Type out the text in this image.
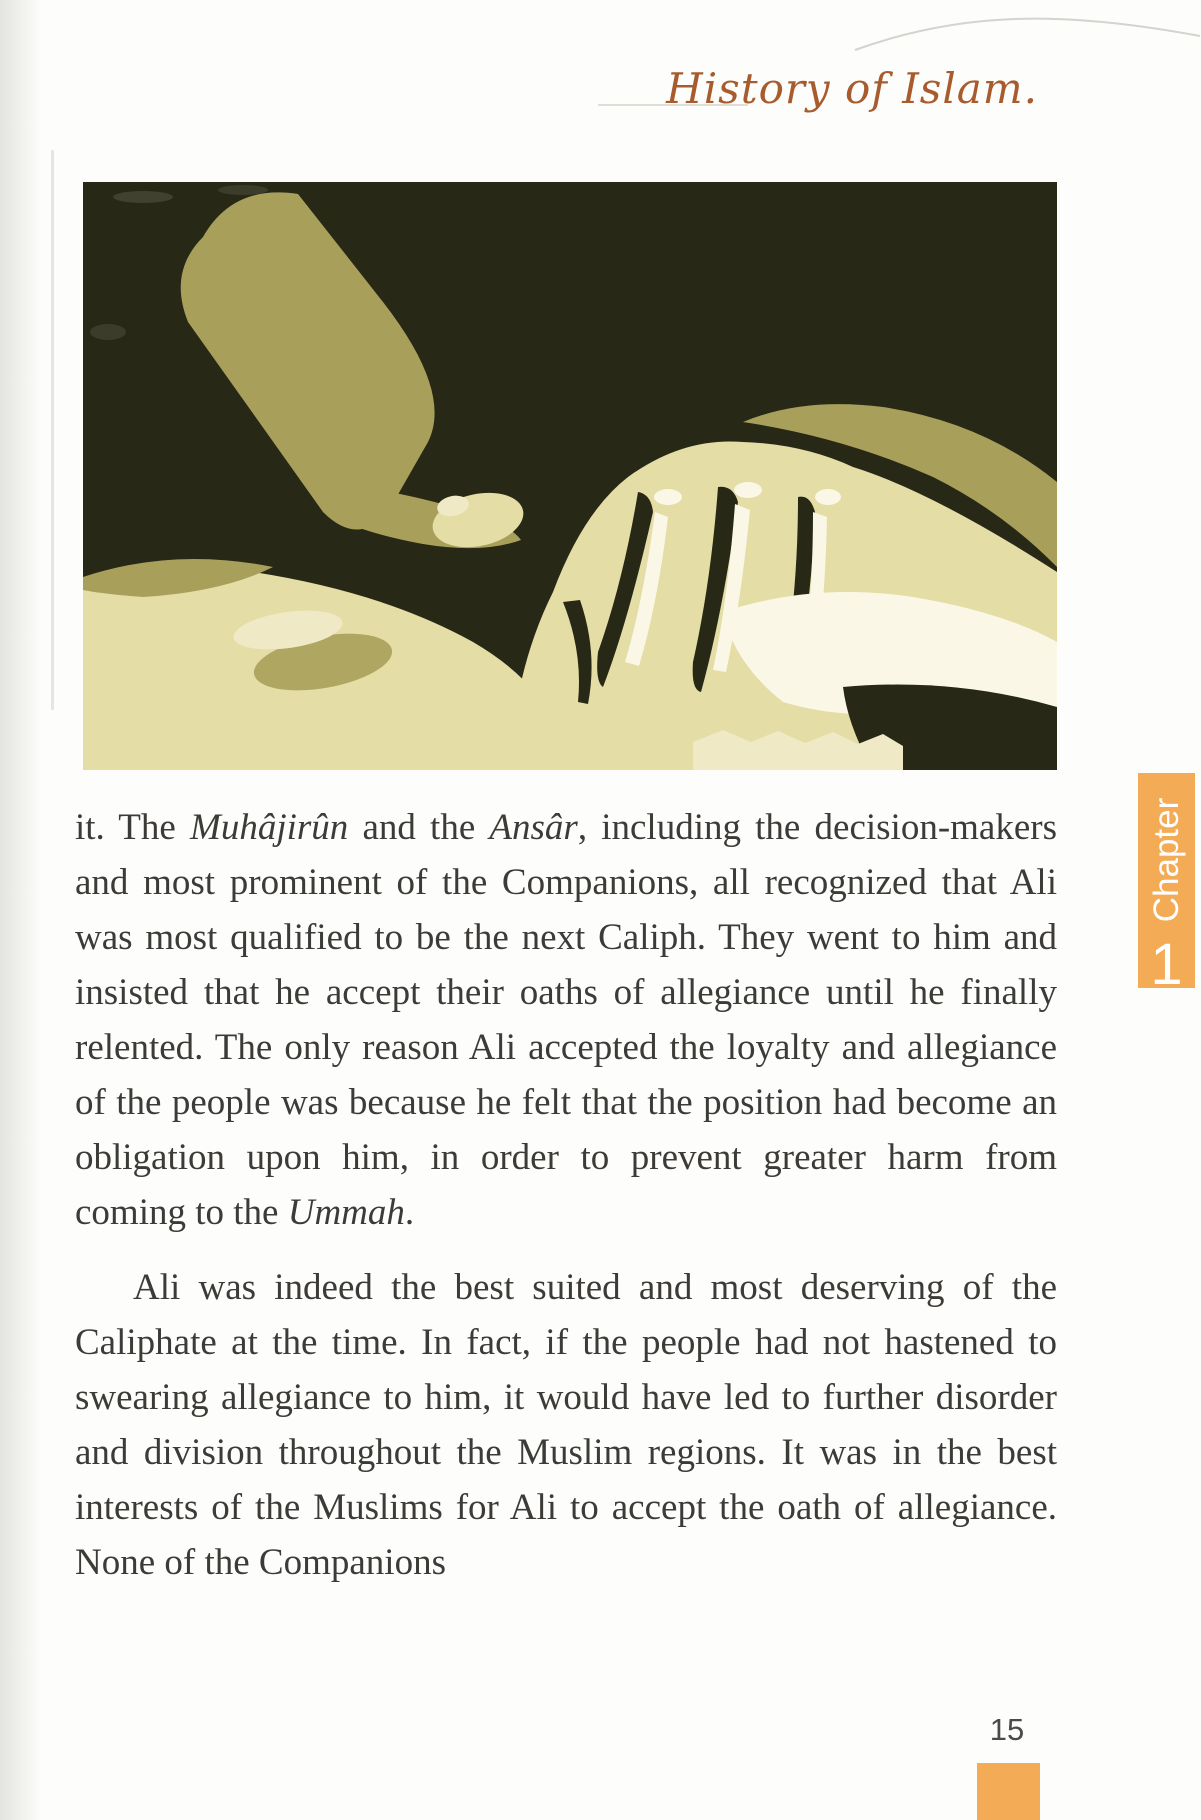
History of Islam.

it. The Muhâjirûn and the Ansâr, including the decision-makers and most prominent of the Companions, all recognized that Ali was most qualified to be the next Caliph. They went to him and insisted that he accept their oaths of allegiance until he finally relented. The only reason Ali accepted the loyalty and allegiance of the people was because he felt that the position had become an obligation upon him, in order to prevent greater harm from coming to the Ummah.

Ali was indeed the best suited and most deserving of the Caliphate at the time. In fact, if the people had not hastened to swearing allegiance to him, it would have led to further disorder and division throughout the Muslim regions. It was in the best interests of the Muslims for Ali to accept the oath of allegiance. None of the Companions

Chapter
1
15
